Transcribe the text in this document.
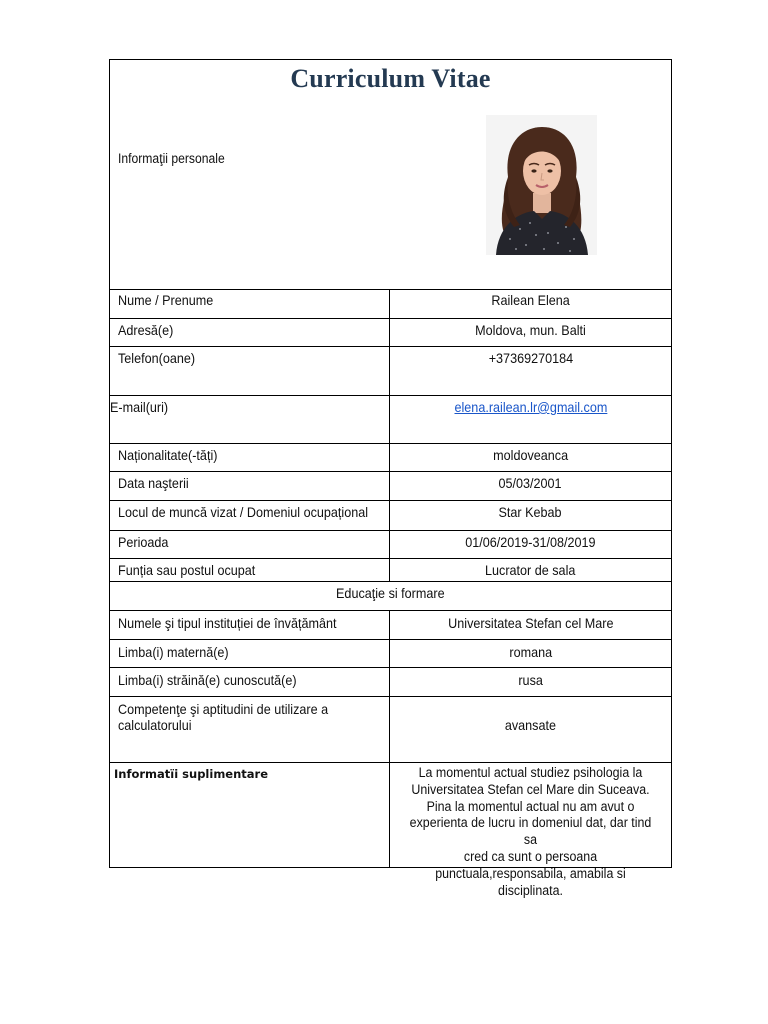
Curriculum Vitae
Informaţii personale
Nume / Prenume	Railean Elena
Adresă(e)	Moldova, mun. Balti
Telefon(oane)	+37369270184
E-mail(uri)	elena.railean.lr@gmail.com
Naționalitate(-tăți)	moldoveanca
Data naşterii	05/03/2001
Locul de muncă vizat / Domeniul ocupațional	Star Kebab
Perioada	01/06/2019-31/08/2019
Funția sau postul ocupat	Lucrator de sala
Educaţie si formare
Numele şi tipul instituției de învățământ	Universitatea Stefan cel Mare
Limba(i) maternă(e)	romana
Limba(i) străină(e) cunoscută(e)	rusa
Competenţe şi aptitudini de utilizare a
calculatorului	avansate
Informatïi suplimentare	La momentul actual studiez psihologia la
Universitatea Stefan cel Mare din Suceava.
Pina la momentul actual nu am avut o
experienta de lucru in domeniul dat, dar tind sa
cred ca sunt o persoana
punctuala,responsabila, amabila si disciplinata.
